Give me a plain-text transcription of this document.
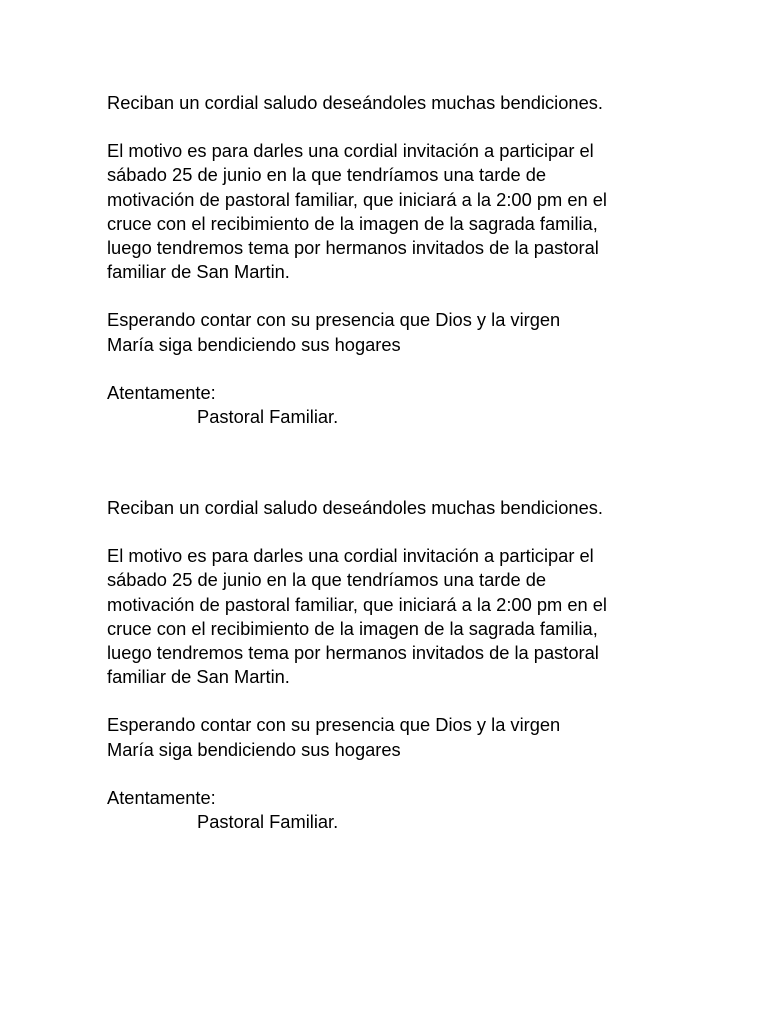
Reciban un cordial saludo deseándoles muchas bendiciones.

El motivo es para darles una cordial invitación a participar el
sábado 25 de junio en la que tendríamos una tarde de
motivación de pastoral familiar, que iniciará a la 2:00 pm en el
cruce con el recibimiento de la imagen de la sagrada familia,
luego tendremos tema por hermanos invitados de la pastoral
familiar de San Martin.

Esperando contar con su presencia que Dios y la virgen
María siga bendiciendo sus hogares

Atentamente:
Pastoral Familiar.

Reciban un cordial saludo deseándoles muchas bendiciones.

El motivo es para darles una cordial invitación a participar el
sábado 25 de junio en la que tendríamos una tarde de
motivación de pastoral familiar, que iniciará a la 2:00 pm en el
cruce con el recibimiento de la imagen de la sagrada familia,
luego tendremos tema por hermanos invitados de la pastoral
familiar de San Martin.

Esperando contar con su presencia que Dios y la virgen
María siga bendiciendo sus hogares

Atentamente:
Pastoral Familiar.
